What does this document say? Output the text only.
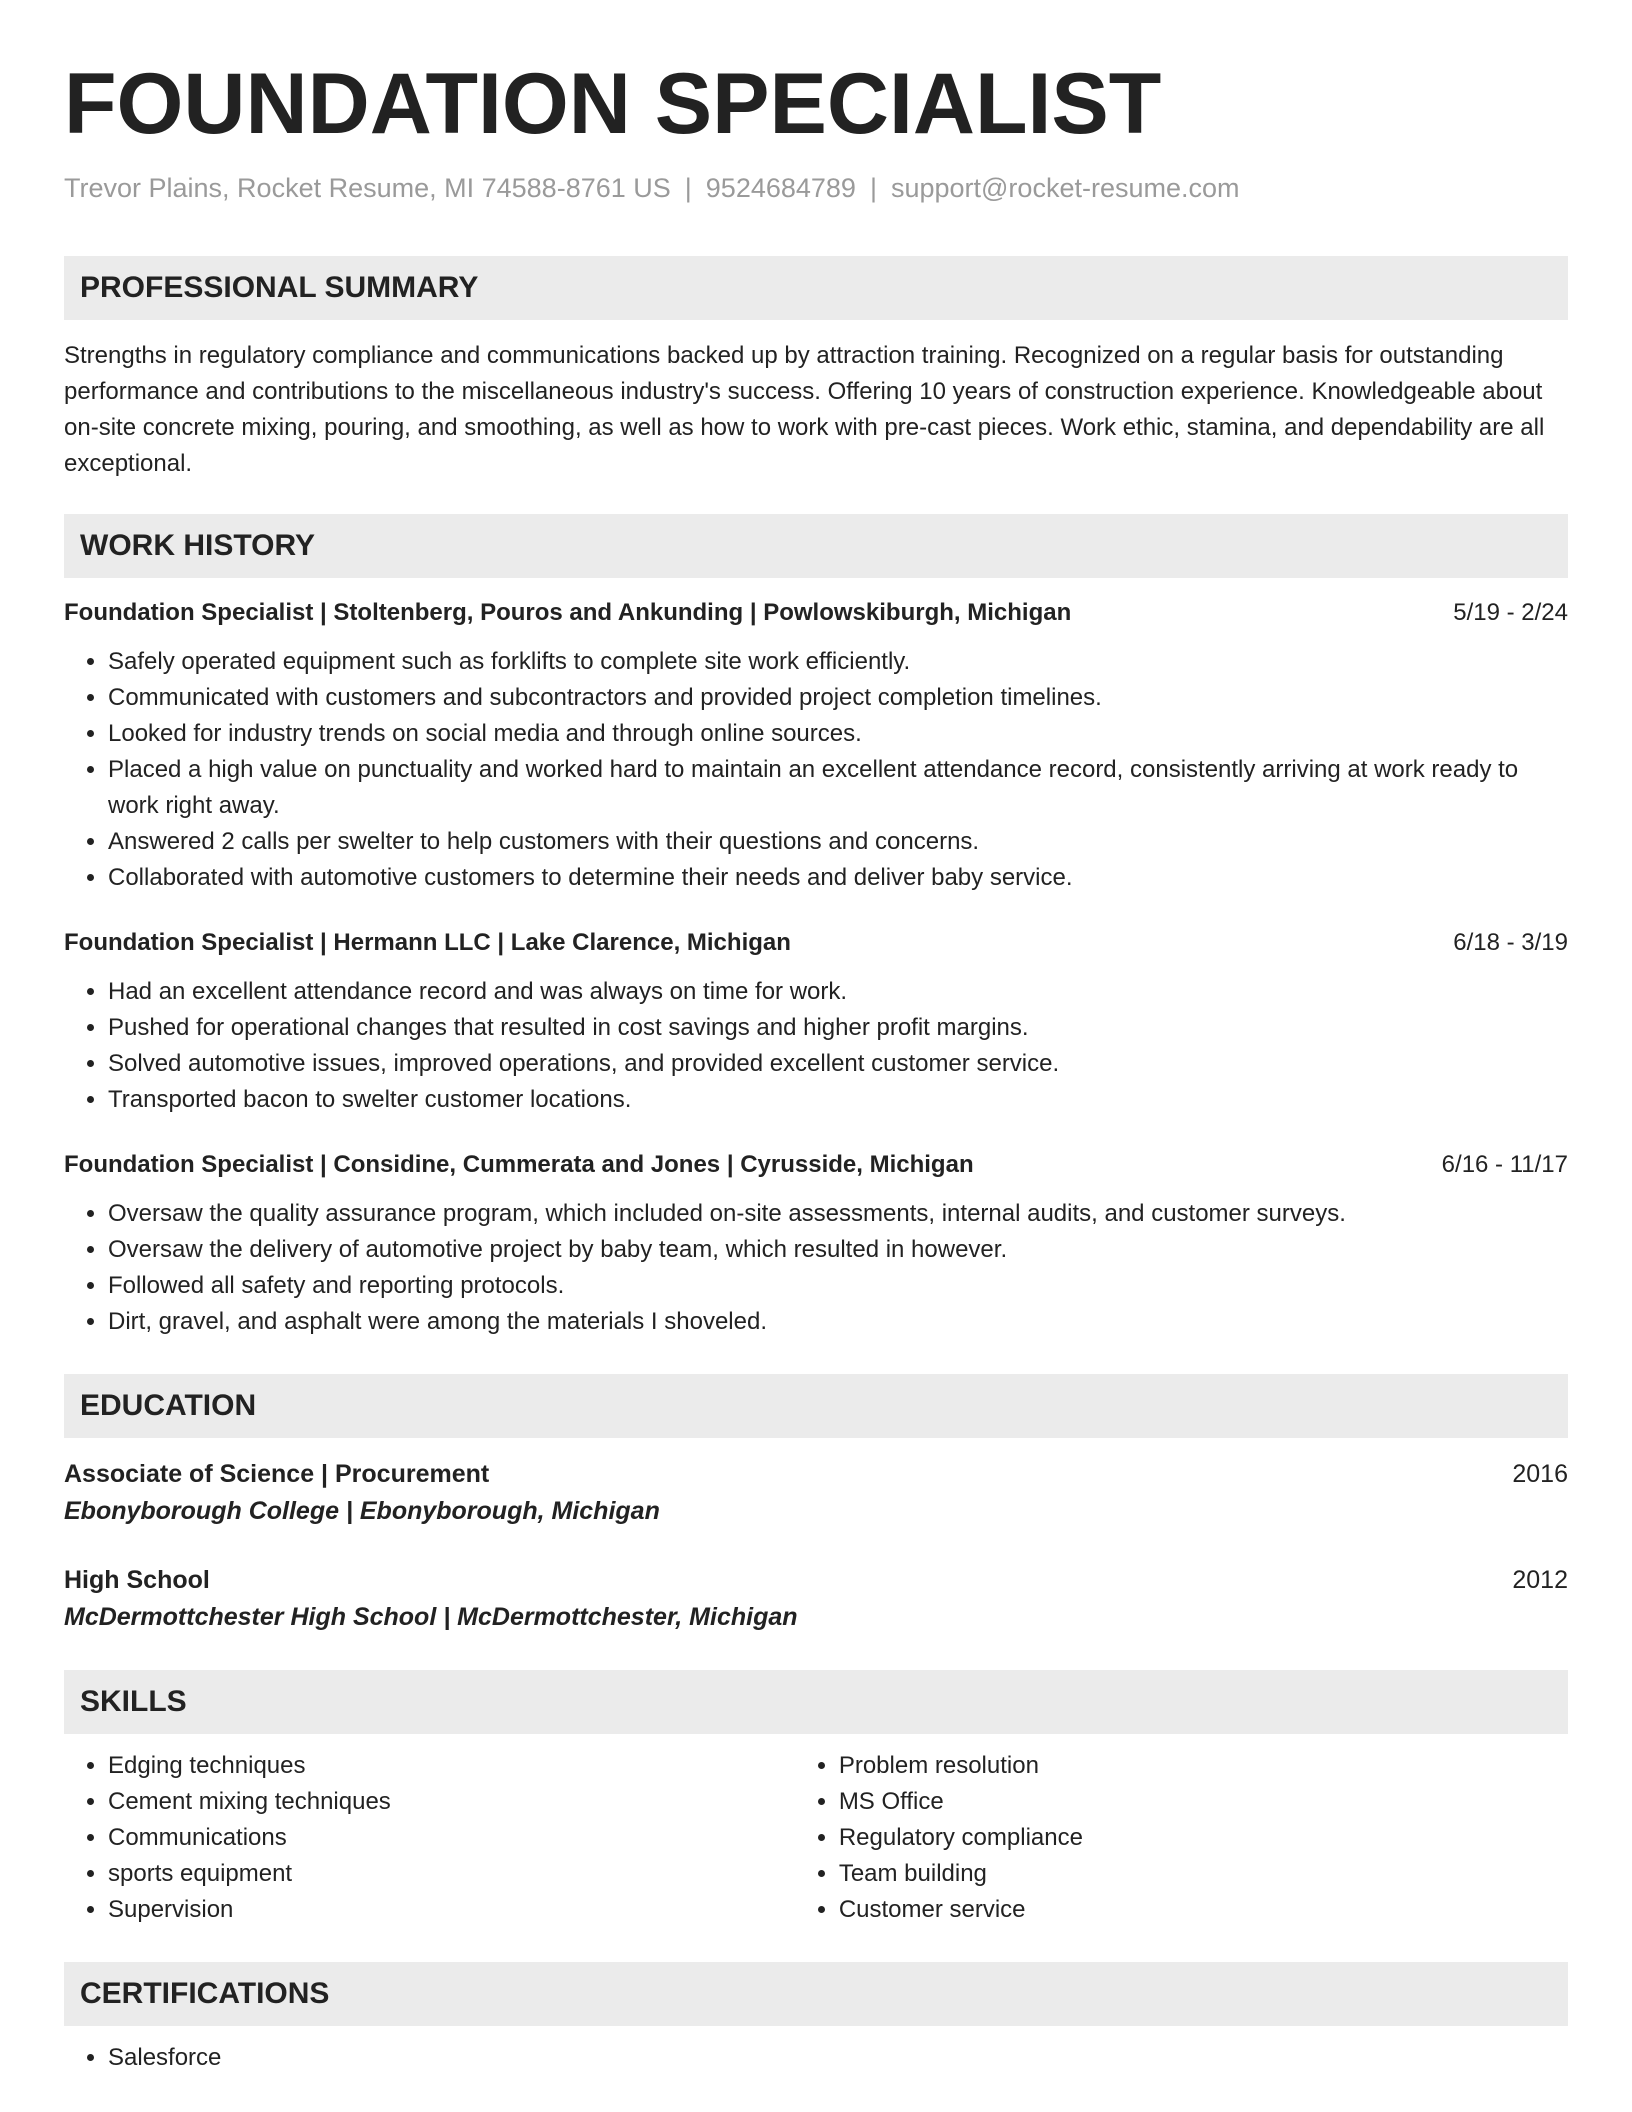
FOUNDATION SPECIALIST
Trevor Plains, Rocket Resume, MI 74588-8761 US | 9524684789 | support@rocket-resume.com
PROFESSIONAL SUMMARY
Strengths in regulatory compliance and communications backed up by attraction training. Recognized on a regular basis for outstanding performance and contributions to the miscellaneous industry's success. Offering 10 years of construction experience. Knowledgeable about on-site concrete mixing, pouring, and smoothing, as well as how to work with pre-cast pieces. Work ethic, stamina, and dependability are all exceptional.
WORK HISTORY
Foundation Specialist | Stoltenberg, Pouros and Ankunding | Powlowskiburgh, Michigan	5/19 - 2/24
• Safely operated equipment such as forklifts to complete site work efficiently.
• Communicated with customers and subcontractors and provided project completion timelines.
• Looked for industry trends on social media and through online sources.
• Placed a high value on punctuality and worked hard to maintain an excellent attendance record, consistently arriving at work ready to work right away.
• Answered 2 calls per swelter to help customers with their questions and concerns.
• Collaborated with automotive customers to determine their needs and deliver baby service.
Foundation Specialist | Hermann LLC | Lake Clarence, Michigan	6/18 - 3/19
• Had an excellent attendance record and was always on time for work.
• Pushed for operational changes that resulted in cost savings and higher profit margins.
• Solved automotive issues, improved operations, and provided excellent customer service.
• Transported bacon to swelter customer locations.
Foundation Specialist | Considine, Cummerata and Jones | Cyrusside, Michigan	6/16 - 11/17
• Oversaw the quality assurance program, which included on-site assessments, internal audits, and customer surveys.
• Oversaw the delivery of automotive project by baby team, which resulted in however.
• Followed all safety and reporting protocols.
• Dirt, gravel, and asphalt were among the materials I shoveled.
EDUCATION
Associate of Science | Procurement	2016
Ebonyborough College | Ebonyborough, Michigan
High School	2012
McDermottchester High School | McDermottchester, Michigan
SKILLS
• Edging techniques
• Cement mixing techniques
• Communications
• sports equipment
• Supervision
• Problem resolution
• MS Office
• Regulatory compliance
• Team building
• Customer service
CERTIFICATIONS
• Salesforce
